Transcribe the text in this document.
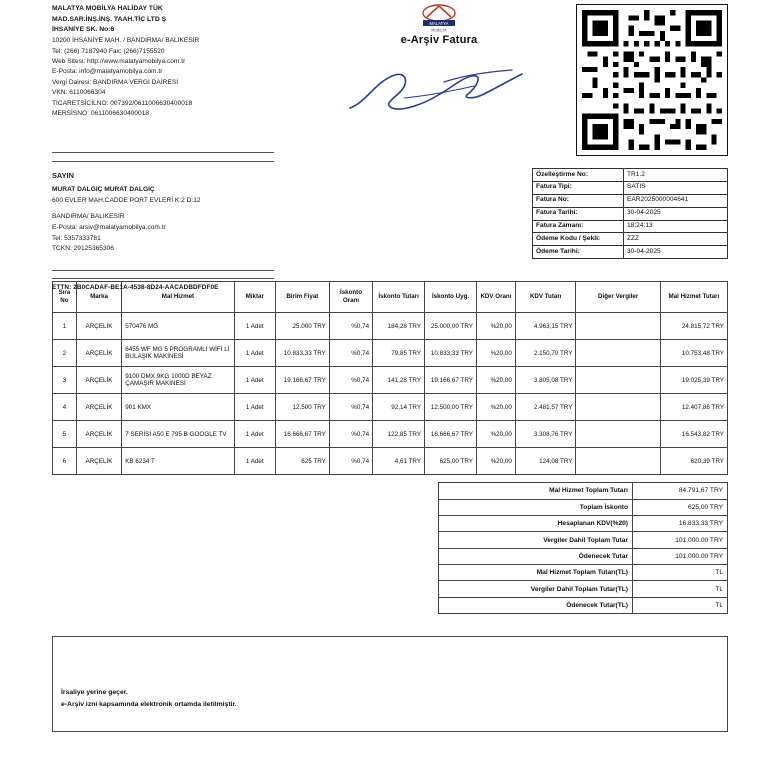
MALATYA MOBİLYA HALİDAY TÜK
MAD.SAR.İNŞ.İNŞ. TAAH.TİC LTD Ş
İHSANİYE SK. No:6
10200 İHSANİYE MAH. / BANDIRMA/ BALIKESİR
Tel: (266) 7187940 Fax: (266)7155520
Web Sitesi: http://www.malatyamobilya.com.tr
E-Posta: info@malatyamobilya.com.tr
Vergi Dairesi: BANDIRMA VERGİ DAİRESİ
VKN: 6110066304
TİCARETSİCİLNO: 007392/0611006630400018
MERSİSNO: 0611006630400018
MALATYA
MOBİLYA
e-Arşiv Fatura
SAYIN
MURAT DALGIÇ MURAT DALGIÇ
600 EVLER MAH.CADDE PORT EVLERİ K:2 D:12
BANDIRMA/ BALIKESİR
E-Posta: arsiv@malatyamobilya.com.tr
Tel: 5357333781
TCKN: 29125365306
Özelleştirme No:	TR1.2
Fatura Tipi:	SATIS
Fatura No:	EAR2025000004641
Fatura Tarihi:	30-04-2025
Fatura Zamanı:	18:24:13
Ödeme Kodu / Şekli:	ZZZ
Ödeme Tarihi:	30-04-2025
ETTN: 2B0CADAF-BE1A-4538-8D24-AACADBDFDF0E
Sıra No	Marka	Mal Hizmet	Miktar	Birim Fiyat	İskonto Oranı	İskonto Tutarı	İskonto Uyg.	KDV Oranı	KDV Tutarı	Diğer Vergiler	Mal Hizmet Tutarı
1	ARÇELİK	570476 MG	1 Adet	25.000 TRY	%0,74	184,28 TRY	25.000,00 TRY	%20,00	4.963,15 TRY		24.815,72 TRY
2	ARÇELİK	6455 WF MG 5 PROGRAMLI WİFİ Lİ BULAŞIK MAKİNESİ	1 Adet	10.833,33 TRY	%0,74	79,85 TRY	10.833,33 TRY	%20,00	2.150,70 TRY		10.753,48 TRY
3	ARÇELİK	9100 DMX 9KG 1000D BEYAZ ÇAMAŞIR MAKİNESİ	1 Adet	19.166,67 TRY	%0,74	141,28 TRY	19.166,67 TRY	%20,00	3.805,08 TRY		19.025,39 TRY
4	ARÇELİK	901 KMX	1 Adet	12.500 TRY	%0,74	92,14 TRY	12.500,00 TRY	%20,00	2.481,57 TRY		12.407,86 TRY
5	ARÇELİK	7 SERİSİ A50 E 795 B GOOGLE TV	1 Adet	16.666,67 TRY	%0,74	122,85 TRY	16.666,67 TRY	%20,00	3.308,76 TRY		16.543,82 TRY
6	ARÇELİK	KB 6234 T	1 Adet	625 TRY	%0,74	4,61 TRY	625,00 TRY	%20,00	124,08 TRY		620,39 TRY
Mal Hizmet Toplam Tutarı	84.791,67 TRY
Toplam İskonto	625,00 TRY
Hesaplanan KDV(%20)	16.833,33 TRY
Vergiler Dahil Toplam Tutar	101.000,00 TRY
Ödenecek Tutar	101.000,00 TRY
Mal Hizmet Toplam Tutarı(TL)	TL
Vergiler Dahil Toplam Tutar(TL)	TL
Ödenecek Tutar(TL)	TL
İrsaliye yerine geçer.
e-Arşiv izni kapsamında elektronik ortamda iletilmiştir.
